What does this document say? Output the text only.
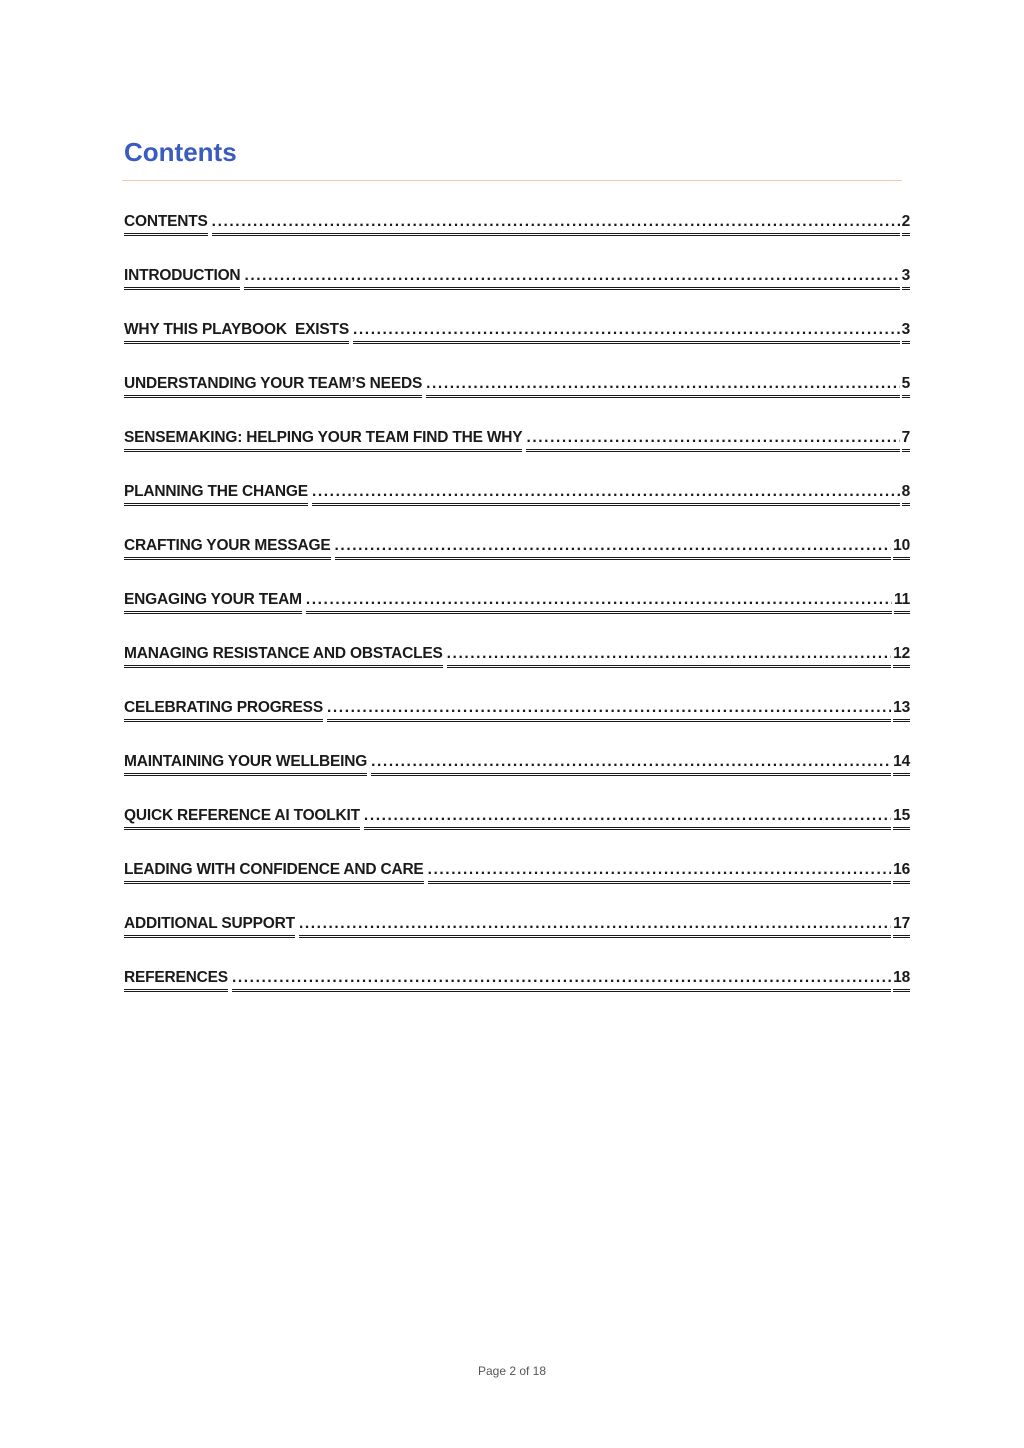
Contents
CONTENTS .....	2
INTRODUCTION .....	3
WHY THIS PLAYBOOK  EXISTS .....	3
UNDERSTANDING YOUR TEAM’S NEEDS .....	5
SENSEMAKING: HELPING YOUR TEAM FIND THE WHY .....	7
PLANNING THE CHANGE .....	8
CRAFTING YOUR MESSAGE .....	10
ENGAGING YOUR TEAM .....	11
MANAGING RESISTANCE AND OBSTACLES .....	12
CELEBRATING PROGRESS .....	13
MAINTAINING YOUR WELLBEING .....	14
QUICK REFERENCE AI TOOLKIT .....	15
LEADING WITH CONFIDENCE AND CARE .....	16
ADDITIONAL SUPPORT .....	17
REFERENCES .....	18
Page 2 of 18
